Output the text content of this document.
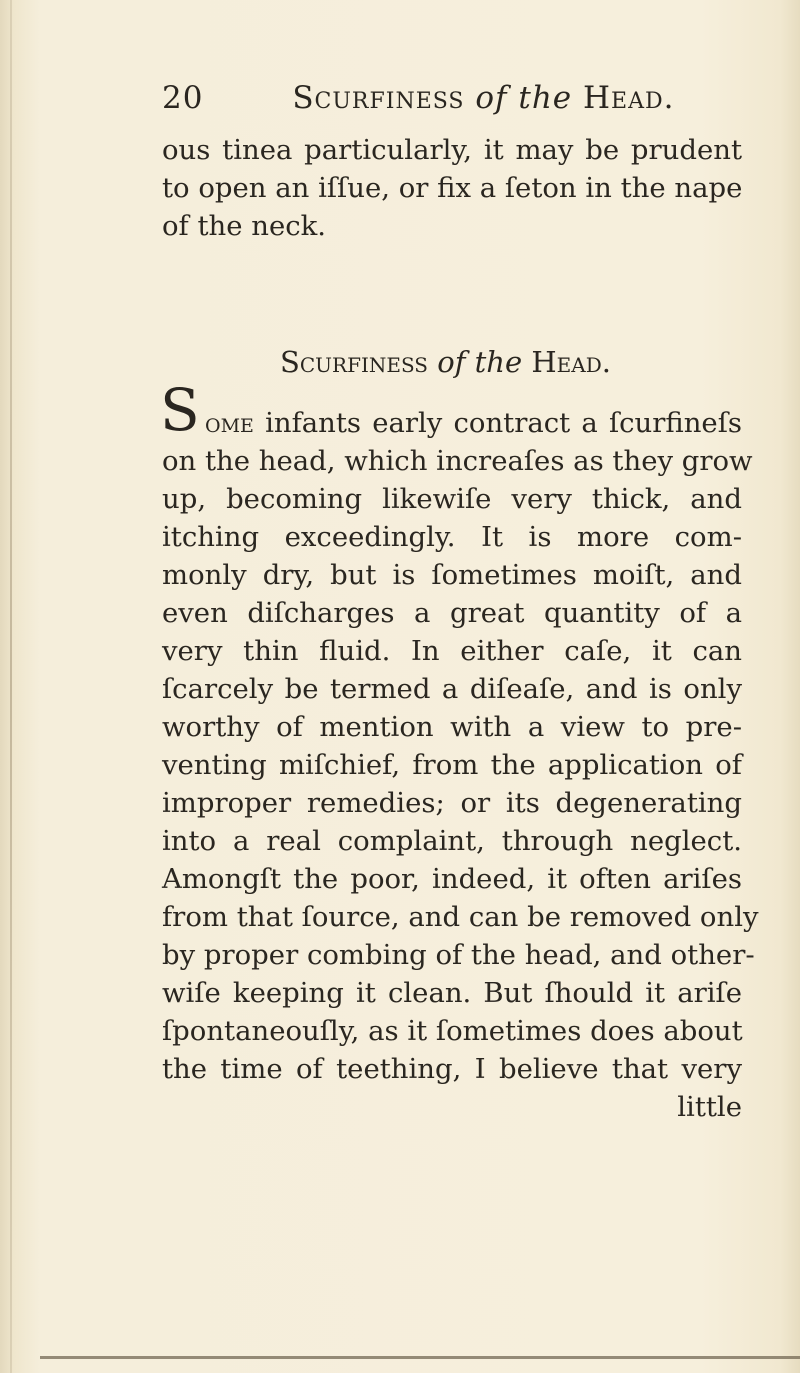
20	Scurfiness of the Head.
ous tinea particularly, it may be prudent
to open an iſſue, or fix a ſeton in the nape
of the neck.
Scurfiness of the Head.
S ome infants early contract a ſcurfineſs
on the head, which increaſes as they grow
up, becoming likewiſe very thick, and
itching exceedingly. It is more com-
monly dry, but is ſometimes moiſt, and
even diſcharges a great quantity of a
very thin fluid. In either caſe, it can
ſcarcely be termed a diſeaſe, and is only
worthy of mention with a view to pre-
venting miſchief, from the application of
improper remedies; or its degenerating
into a real complaint, through neglect.
Amongſt the poor, indeed, it often ariſes
from that ſource, and can be removed only
by proper combing of the head, and other-
wiſe keeping it clean. But ſhould it ariſe
ſpontaneouſly, as it ſometimes does about
the time of teething, I believe that very
little
